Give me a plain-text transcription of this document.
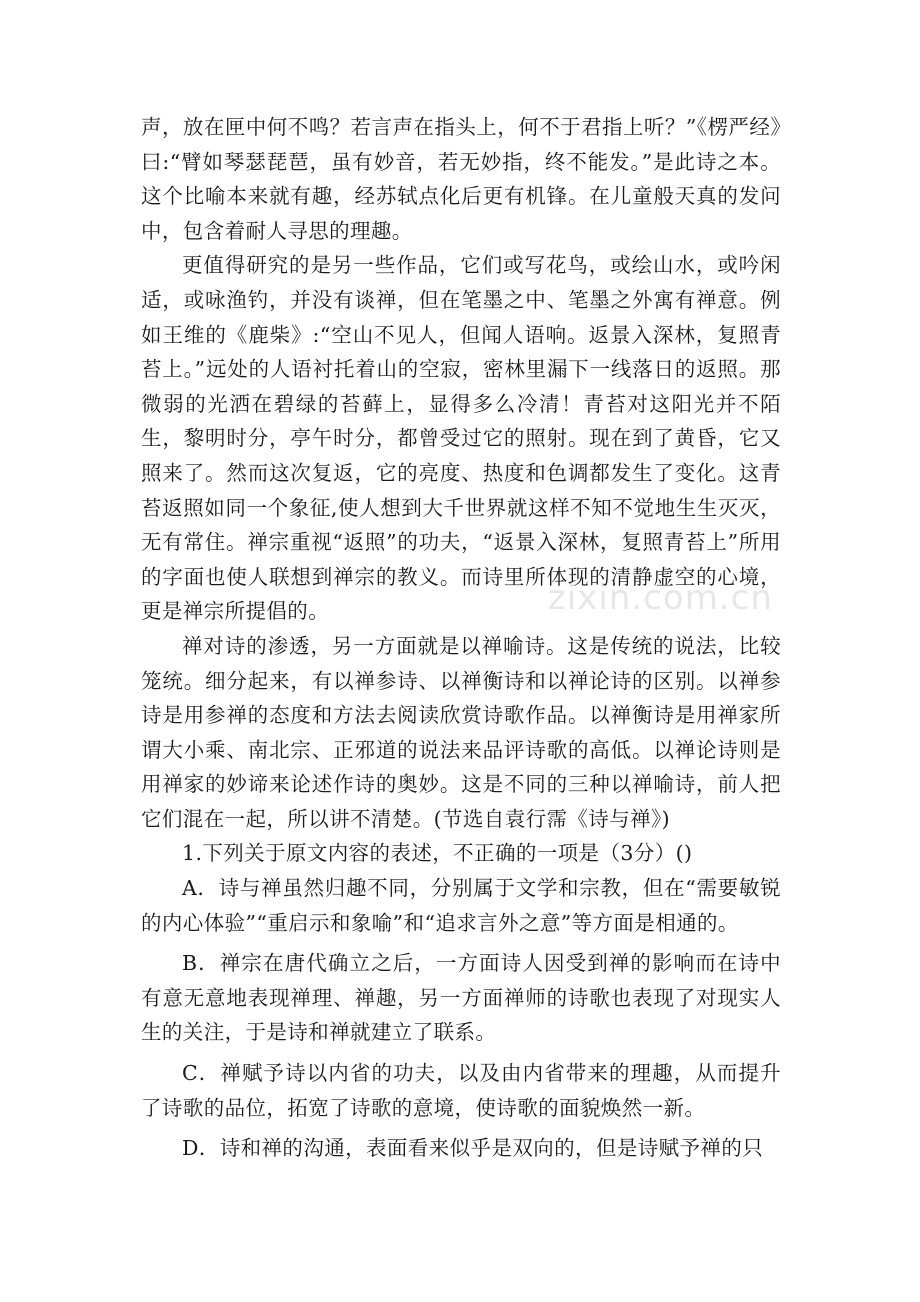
声，放在匣中何不鸣？若言声在指头上，何不于君指上听？”《楞严经》曰:“臂如琴瑟琵琶，虽有妙音，若无妙指，终不能发。”是此诗之本。这个比喻本来就有趣，经苏轼点化后更有机锋。在儿童般天真的发问中，包含着耐人寻思的理趣。

更值得研究的是另一些作品，它们或写花鸟，或绘山水，或吟闲适，或咏渔钓，并没有谈禅，但在笔墨之中、笔墨之外寓有禅意。例如王维的《鹿柴》:“空山不见人，但闻人语响。返景入深林，复照青苔上。”远处的人语衬托着山的空寂，密林里漏下一线落日的返照。那微弱的光洒在碧绿的苔藓上，显得多么冷清！青苔对这阳光并不陌生，黎明时分，亭午时分，都曾受过它的照射。现在到了黄昏，它又照来了。然而这次复返，它的亮度、热度和色调都发生了变化。这青苔返照如同一个象征,使人想到大千世界就这样不知不觉地生生灭灭，无有常住。禅宗重视“返照”的功夫，“返景入深林，复照青苔上”所用的字面也使人联想到禅宗的教义。而诗里所体现的清静虚空的心境，更是禅宗所提倡的。

禅对诗的渗透，另一方面就是以禅喻诗。这是传统的说法，比较笼统。细分起来，有以禅参诗、以禅衡诗和以禅论诗的区别。以禅参诗是用参禅的态度和方法去阅读欣赏诗歌作品。以禅衡诗是用禅家所谓大小乘、南北宗、正邪道的说法来品评诗歌的高低。以禅论诗则是用禅家的妙谛来论述作诗的奥妙。这是不同的三种以禅喻诗，前人把它们混在一起，所以讲不清楚。(节选自袁行霈《诗与禅》)

1.下列关于原文内容的表述，不正确的一项是（3分）()

A．诗与禅虽然归趣不同，分别属于文学和宗教，但在“需要敏锐的内心体验”“重启示和象喻”和“追求言外之意”等方面是相通的。

B．禅宗在唐代确立之后，一方面诗人因受到禅的影响而在诗中有意无意地表现禅理、禅趣，另一方面禅师的诗歌也表现了对现实人生的关注，于是诗和禅就建立了联系。

C．禅赋予诗以内省的功夫，以及由内省带来的理趣，从而提升了诗歌的品位，拓宽了诗歌的意境，使诗歌的面貌焕然一新。

D．诗和禅的沟通，表面看来似乎是双向的，但是诗赋予禅的只

zixin.com.cn
